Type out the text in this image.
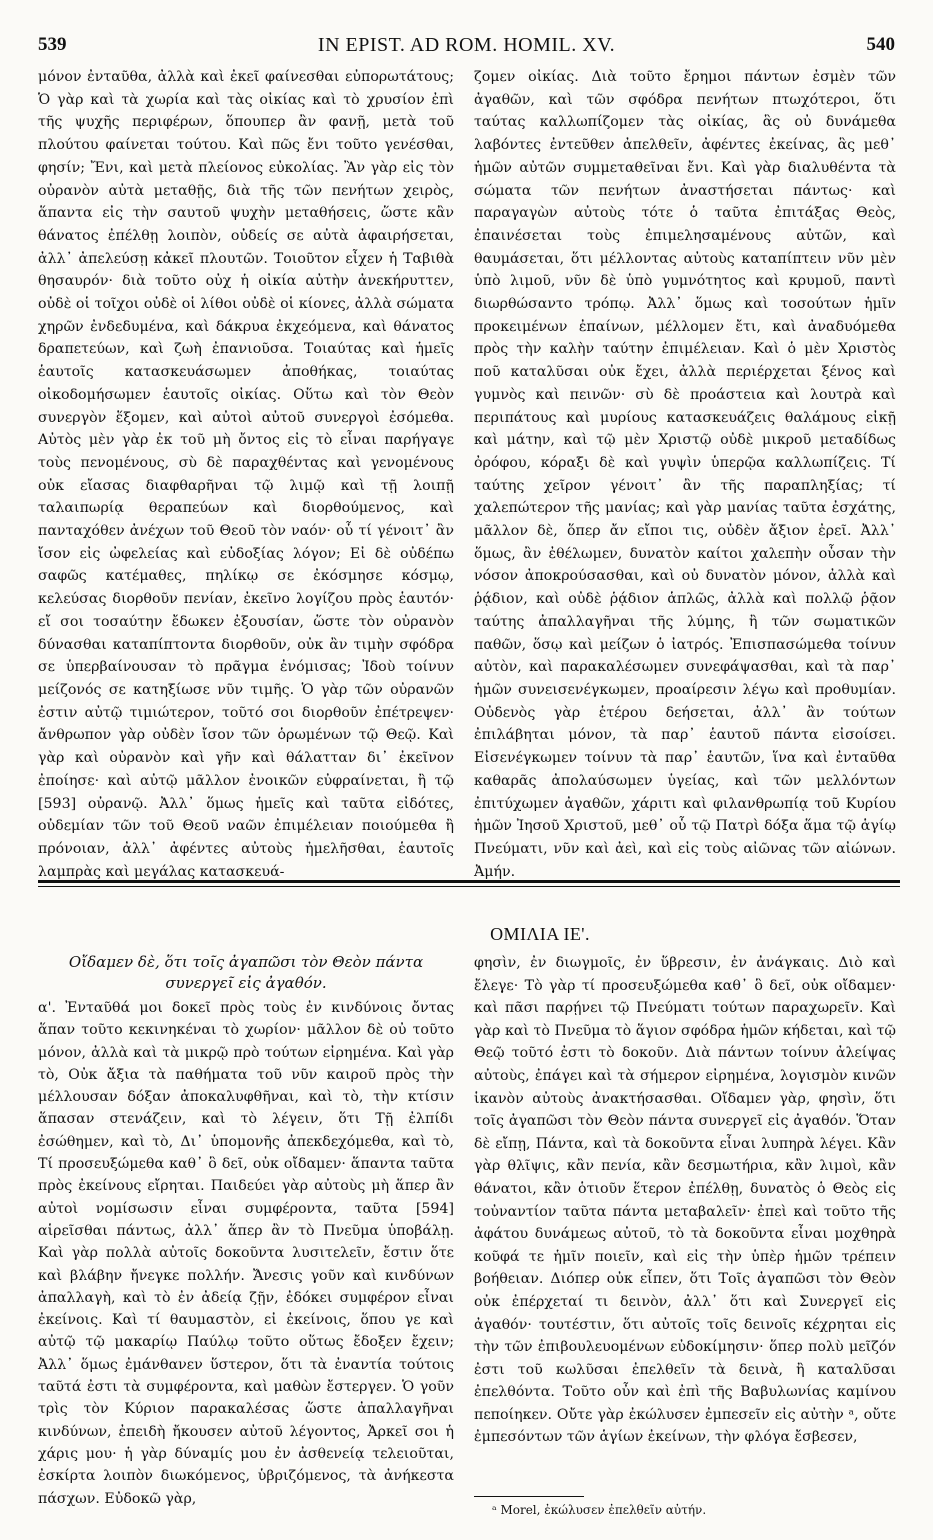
539	IN EPIST. AD ROM. HOMIL. XV.	540

μόνον ἐνταῦθα, ἀλλὰ καὶ ἐκεῖ φαίνεσθαι εὐπορωτάτους; Ὁ γὰρ καὶ τὰ χωρία καὶ τὰς οἰκίας καὶ τὸ χρυσίον ἐπὶ τῆς ψυχῆς περιφέρων, ὅπουπερ ἂν φανῇ, μετὰ τοῦ πλούτου φαίνεται τούτου. Καὶ πῶς ἔνι τοῦτο γενέσθαι, φησίν; Ἔνι, καὶ μετὰ πλείονος εὐκολίας. Ἂν γὰρ εἰς τὸν οὐρανὸν αὐτὰ μεταθῇς, διὰ τῆς τῶν πενήτων χειρὸς, ἅπαντα εἰς τὴν σαυτοῦ ψυχὴν μεταθήσεις, ὥστε κἂν θάνατος ἐπέλθῃ λοιπὸν, οὐδείς σε αὐτὰ ἀφαιρήσεται, ἀλλ᾽ ἀπελεύσῃ κἀκεῖ πλουτῶν. Τοιοῦτον εἶχεν ἡ Ταβιθὰ θησαυρόν· διὰ τοῦτο οὐχ ἡ οἰκία αὐτὴν ἀνεκήρυττεν, οὐδὲ οἱ τοῖχοι οὐδὲ οἱ λίθοι οὐδὲ οἱ κίονες, ἀλλὰ σώματα χηρῶν ἐνδεδυμένα, καὶ δάκρυα ἐκχεόμενα, καὶ θάνατος δραπετεύων, καὶ ζωὴ ἐπανιοῦσα. Τοιαύτας καὶ ἡμεῖς ἑαυτοῖς κατασκευάσωμεν ἀποθήκας, τοιαύτας οἰκοδομήσωμεν ἑαυτοῖς οἰκίας. Οὕτω καὶ τὸν Θεὸν συνεργὸν ἕξομεν, καὶ αὐτοὶ αὐτοῦ συνεργοὶ ἐσόμεθα. Αὐτὸς μὲν γὰρ ἐκ τοῦ μὴ ὄντος εἰς τὸ εἶναι παρήγαγε τοὺς πενομένους, σὺ δὲ παραχθέντας καὶ γενομένους οὐκ εἴασας διαφθαρῆναι τῷ λιμῷ καὶ τῇ λοιπῇ ταλαιπωρίᾳ θεραπεύων καὶ διορθούμενος, καὶ πανταχόθεν ἀνέχων τοῦ Θεοῦ τὸν ναόν· οὗ τί γένοιτ᾽ ἂν ἴσον εἰς ὠφελείας καὶ εὐδοξίας λόγον; Εἰ δὲ οὐδέπω σαφῶς κατέμαθες, πηλίκῳ σε ἐκόσμησε κόσμῳ, κελεύσας διορθοῦν πενίαν, ἐκεῖνο λογίζου πρὸς ἑαυτόν· εἴ σοι τοσαύτην ἔδωκεν ἐξουσίαν, ὥστε τὸν οὐρανὸν δύνασθαι καταπίπτοντα διορθοῦν, οὐκ ἂν τιμὴν σφόδρα σε ὑπερβαίνουσαν τὸ πρᾶγμα ἐνόμισας; Ἰδοὺ τοίνυν μείζονός σε κατηξίωσε νῦν τιμῆς. Ὁ γὰρ τῶν οὐρανῶν ἐστιν αὐτῷ τιμιώτερον, τοῦτό σοι διορθοῦν ἐπέτρεψεν· ἄνθρωπον γὰρ οὐδὲν ἴσον τῶν ὁρωμένων τῷ Θεῷ. Καὶ γὰρ καὶ οὐρανὸν καὶ γῆν καὶ θάλατταν δι᾽ ἐκεῖνον ἐποίησε· καὶ αὐτῷ μᾶλλον ἐνοικῶν εὐφραίνεται, ἢ τῷ [593] οὐρανῷ. Ἀλλ᾽ ὅμως ἡμεῖς καὶ ταῦτα εἰδότες, οὐδεμίαν τῶν τοῦ Θεοῦ ναῶν ἐπιμέλειαν ποιούμεθα ἢ πρόνοιαν, ἀλλ᾽ ἀφέντες αὐτοὺς ἠμελῆσθαι, ἑαυτοῖς λαμπρὰς καὶ μεγάλας κατασκευά-

ζομεν οἰκίας. Διὰ τοῦτο ἔρημοι πάντων ἐσμὲν τῶν ἀγαθῶν, καὶ τῶν σφόδρα πενήτων πτωχότεροι, ὅτι ταύτας καλλωπίζομεν τὰς οἰκίας, ἃς οὐ δυνάμεθα λαβόντες ἐντεῦθεν ἀπελθεῖν, ἀφέντες ἐκείνας, ἃς μεθ᾽ ἡμῶν αὐτῶν συμμεταθεῖναι ἔνι. Καὶ γὰρ διαλυθέντα τὰ σώματα τῶν πενήτων ἀναστήσεται πάντως· καὶ παραγαγὼν αὐτοὺς τότε ὁ ταῦτα ἐπιτάξας Θεὸς, ἐπαινέσεται τοὺς ἐπιμελησαμένους αὐτῶν, καὶ θαυμάσεται, ὅτι μέλλοντας αὐτοὺς καταπίπτειν νῦν μὲν ὑπὸ λιμοῦ, νῦν δὲ ὑπὸ γυμνότητος καὶ κρυμοῦ, παντὶ διωρθώσαντο τρόπῳ. Ἀλλ᾽ ὅμως καὶ τοσούτων ἡμῖν προκειμένων ἐπαίνων, μέλλομεν ἔτι, καὶ ἀναδυόμεθα πρὸς τὴν καλὴν ταύτην ἐπιμέλειαν. Καὶ ὁ μὲν Χριστὸς ποῦ καταλῦσαι οὐκ ἔχει, ἀλλὰ περιέρχεται ξένος καὶ γυμνὸς καὶ πεινῶν· σὺ δὲ προάστεια καὶ λουτρὰ καὶ περιπάτους καὶ μυρίους κατασκευάζεις θαλάμους εἰκῇ καὶ μάτην, καὶ τῷ μὲν Χριστῷ οὐδὲ μικροῦ μεταδίδως ὀρόφου, κόραξι δὲ καὶ γυψὶν ὑπερῷα καλλωπίζεις. Τί ταύτης χεῖρον γένοιτ᾽ ἂν τῆς παραπληξίας; τί χαλεπώτερον τῆς μανίας; καὶ γὰρ μανίας ταῦτα ἐσχάτης, μᾶλλον δὲ, ὅπερ ἄν εἴποι τις, οὐδὲν ἄξιον ἐρεῖ. Ἀλλ᾽ ὅμως, ἂν ἐθέλωμεν, δυνατὸν καίτοι χαλεπὴν οὖσαν τὴν νόσον ἀποκρούσασθαι, καὶ οὐ δυνατὸν μόνον, ἀλλὰ καὶ ῥᾴδιον, καὶ οὐδὲ ῥᾴδιον ἁπλῶς, ἀλλὰ καὶ πολλῷ ῥᾷον ταύτης ἀπαλλαγῆναι τῆς λύμης, ἢ τῶν σωματικῶν παθῶν, ὅσῳ καὶ μείζων ὁ ἰατρός. Ἐπισπασώμεθα τοίνυν αὐτὸν, καὶ παρακαλέσωμεν συνεφάψασθαι, καὶ τὰ παρ᾽ ἡμῶν συνεισενέγκωμεν, προαίρεσιν λέγω καὶ προθυμίαν. Οὐδενὸς γὰρ ἑτέρου δεήσεται, ἀλλ᾽ ἂν τούτων ἐπιλάβηται μόνον, τὰ παρ᾽ ἑαυτοῦ πάντα εἰσοίσει. Εἰσενέγκωμεν τοίνυν τὰ παρ᾽ ἑαυτῶν, ἵνα καὶ ἐνταῦθα καθαρᾶς ἀπολαύσωμεν ὑγείας, καὶ τῶν μελλόντων ἐπιτύχωμεν ἀγαθῶν, χάριτι καὶ φιλανθρωπίᾳ τοῦ Κυρίου ἡμῶν Ἰησοῦ Χριστοῦ, μεθ᾽ οὗ τῷ Πατρὶ δόξα ἅμα τῷ ἁγίῳ Πνεύματι, νῦν καὶ ἀεὶ, καὶ εἰς τοὺς αἰῶνας τῶν αἰώνων. Ἀμήν.

ΟΜΙΛΙΑ ΙΕ'.
Οἴδαμεν δὲ, ὅτι τοῖς ἀγαπῶσι τὸν Θεὸν πάντα συνεργεῖ εἰς ἀγαθόν.

α'. Ἐνταῦθά μοι δοκεῖ πρὸς τοὺς ἐν κινδύνοις ὄντας ἅπαν τοῦτο κεκινηκέναι τὸ χωρίον· μᾶλλον δὲ οὐ τοῦτο μόνον, ἀλλὰ καὶ τὰ μικρῷ πρὸ τούτων εἰρημένα. Καὶ γὰρ τὸ, Οὐκ ἄξια τὰ παθήματα τοῦ νῦν καιροῦ πρὸς τὴν μέλλουσαν δόξαν ἀποκαλυφθῆναι, καὶ τὸ, τὴν κτίσιν ἅπασαν στενάζειν, καὶ τὸ λέγειν, ὅτι Τῇ ἐλπίδι ἐσώθημεν, καὶ τὸ, Δι᾽ ὑπομονῆς ἀπεκδεχόμεθα, καὶ τὸ, Τί προσευξώμεθα καθ᾽ ὃ δεῖ, οὐκ οἴδαμεν· ἅπαντα ταῦτα πρὸς ἐκείνους εἴρηται. Παιδεύει γὰρ αὐτοὺς μὴ ἅπερ ἂν αὐτοὶ νομίσωσιν εἶναι συμφέροντα, ταῦτα [594] αἱρεῖσθαι πάντως, ἀλλ᾽ ἅπερ ἂν τὸ Πνεῦμα ὑποβάλῃ. Καὶ γὰρ πολλὰ αὐτοῖς δοκοῦντα λυσιτελεῖν, ἔστιν ὅτε καὶ βλάβην ἤνεγκε πολλήν. Ἄνεσις γοῦν καὶ κινδύνων ἀπαλλαγὴ, καὶ τὸ ἐν ἀδείᾳ ζῇν, ἐδόκει συμφέρον εἶναι ἐκείνοις. Καὶ τί θαυμαστὸν, εἰ ἐκείνοις, ὅπου γε καὶ αὐτῷ τῷ μακαρίῳ Παύλῳ τοῦτο οὕτως ἔδοξεν ἔχειν; Ἀλλ᾽ ὅμως ἐμάνθανεν ὕστερον, ὅτι τὰ ἐναντία τούτοις ταῦτά ἐστι τὰ συμφέροντα, καὶ μαθὼν ἔστεργεν. Ὁ γοῦν τρὶς τὸν Κύριον παρακαλέσας ὥστε ἀπαλλαγῆναι κινδύνων, ἐπειδὴ ἤκουσεν αὐτοῦ λέγοντος, Ἀρκεῖ σοι ἡ χάρις μου· ἡ γὰρ δύναμίς μου ἐν ἀσθενείᾳ τελειοῦται, ἐσκίρτα λοιπὸν διωκόμενος, ὑβριζόμενος, τὰ ἀνήκεστα πάσχων. Εὐδοκῶ γὰρ,

φησὶν, ἐν διωγμοῖς, ἐν ὕβρεσιν, ἐν ἀνάγκαις. Διὸ καὶ ἔλεγε· Τὸ γὰρ τί προσευξώμεθα καθ᾽ ὃ δεῖ, οὐκ οἴδαμεν· καὶ πᾶσι παρῄνει τῷ Πνεύματι τούτων παραχωρεῖν. Καὶ γὰρ καὶ τὸ Πνεῦμα τὸ ἅγιον σφόδρα ἡμῶν κήδεται, καὶ τῷ Θεῷ τοῦτό ἐστι τὸ δοκοῦν. Διὰ πάντων τοίνυν ἀλείψας αὐτοὺς, ἐπάγει καὶ τὰ σήμερον εἰρημένα, λογισμὸν κινῶν ἱκανὸν αὐτοὺς ἀνακτήσασθαι. Οἴδαμεν γὰρ, φησὶν, ὅτι τοῖς ἀγαπῶσι τὸν Θεὸν πάντα συνεργεῖ εἰς ἀγαθόν. Ὅταν δὲ εἴπῃ, Πάντα, καὶ τὰ δοκοῦντα εἶναι λυπηρὰ λέγει. Κἂν γὰρ θλῖψις, κἂν πενία, κἂν δεσμωτήρια, κἂν λιμοὶ, κἂν θάνατοι, κἂν ὁτιοῦν ἕτερον ἐπέλθῃ, δυνατὸς ὁ Θεὸς εἰς τοὐναντίον ταῦτα πάντα μεταβαλεῖν· ἐπεὶ καὶ τοῦτο τῆς ἀφάτου δυνάμεως αὐτοῦ, τὸ τὰ δοκοῦντα εἶναι μοχθηρὰ κοῦφά τε ἡμῖν ποιεῖν, καὶ εἰς τὴν ὑπὲρ ἡμῶν τρέπειν βοήθειαν. Διόπερ οὐκ εἶπεν, ὅτι Τοῖς ἀγαπῶσι τὸν Θεὸν οὐκ ἐπέρχεταί τι δεινὸν, ἀλλ᾽ ὅτι καὶ Συνεργεῖ εἰς ἀγαθόν· τουτέστιν, ὅτι αὐτοῖς τοῖς δεινοῖς κέχρηται εἰς τὴν τῶν ἐπιβουλευομένων εὐδοκίμησιν· ὅπερ πολὺ μεῖζόν ἐστι τοῦ κωλῦσαι ἐπελθεῖν τὰ δεινὰ, ἢ καταλῦσαι ἐπελθόντα. Τοῦτο οὖν καὶ ἐπὶ τῆς Βαβυλωνίας καμίνου πεποίηκεν. Οὔτε γὰρ ἐκώλυσεν ἐμπεσεῖν εἰς αὐτὴν ᵃ, οὔτε ἐμπεσόντων τῶν ἁγίων ἐκείνων, τὴν φλόγα ἔσβεσεν,

ᵃ Morel, ἐκώλυσεν ἐπελθεῖν αὐτήν.
